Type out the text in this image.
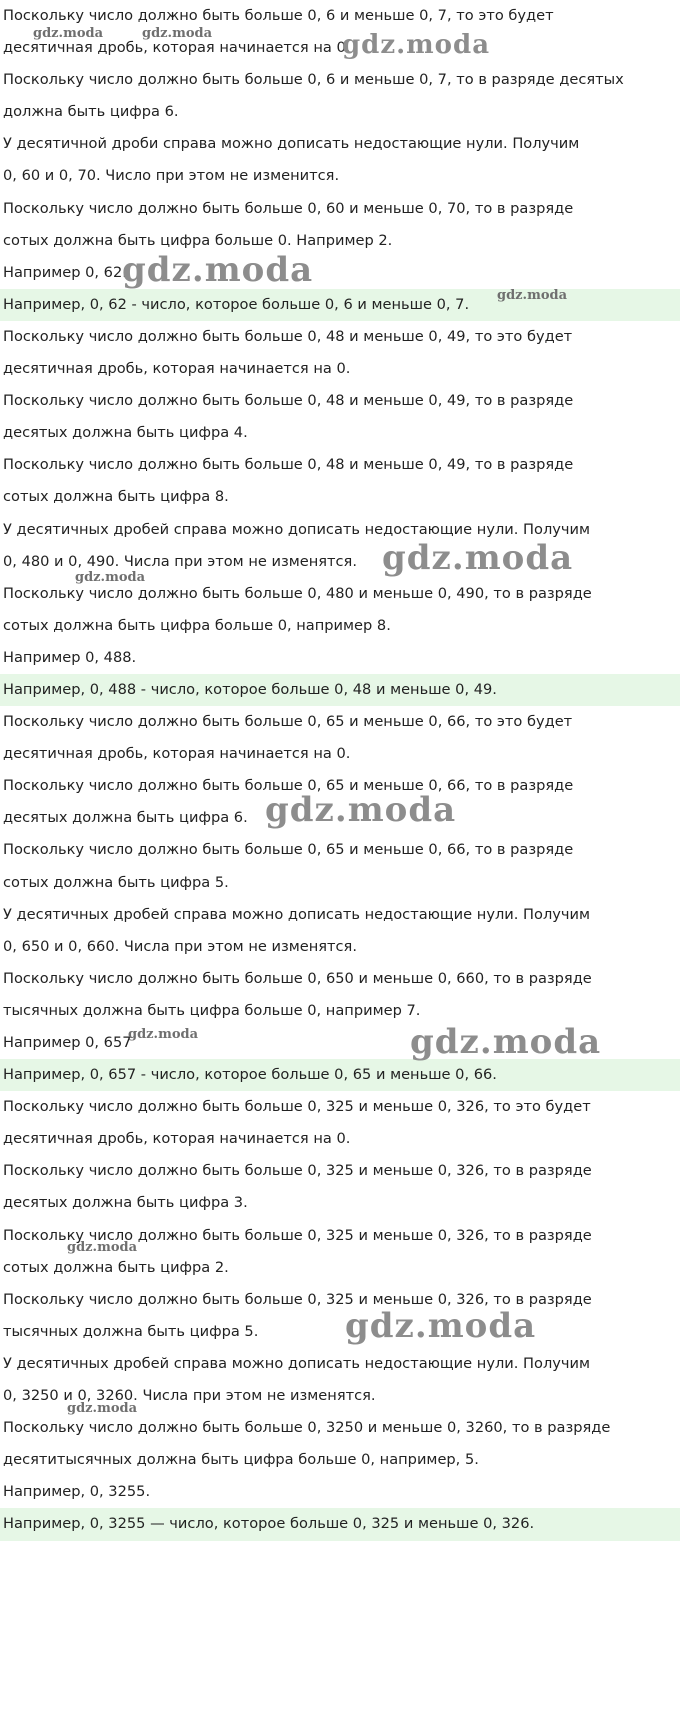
Поскольку число должно быть больше 0, 6 и меньше 0, 7, то это будет
десятичная дробь, которая начинается на 0.
Поскольку число должно быть больше 0, 6 и меньше 0, 7, то в разряде десятых
должна быть цифра 6.
У десятичной дроби справа можно дописать недостающие нули. Получим
0, 60 и 0, 70. Число при этом не изменится.
Поскольку число должно быть больше 0, 60 и меньше 0, 70, то в разряде
сотых должна быть цифра больше 0. Например 2.
Например 0, 62.
Например, 0, 62 - число, которое больше 0, 6 и меньше 0, 7.
Поскольку число должно быть больше 0, 48 и меньше 0, 49, то это будет
десятичная дробь, которая начинается на 0.
Поскольку число должно быть больше 0, 48 и меньше 0, 49, то в разряде
десятых должна быть цифра 4.
Поскольку число должно быть больше 0, 48 и меньше 0, 49, то в разряде
сотых должна быть цифра 8.
У десятичных дробей справа можно дописать недостающие нули. Получим
0, 480 и 0, 490. Числа при этом не изменятся.
Поскольку число должно быть больше 0, 480 и меньше 0, 490, то в разряде
сотых должна быть цифра больше 0, например 8.
Например 0, 488.
Например, 0, 488 - число, которое больше 0, 48 и меньше 0, 49.
Поскольку число должно быть больше 0, 65 и меньше 0, 66, то это будет
десятичная дробь, которая начинается на 0.
Поскольку число должно быть больше 0, 65 и меньше 0, 66, то в разряде
десятых должна быть цифра 6.
Поскольку число должно быть больше 0, 65 и меньше 0, 66, то в разряде
сотых должна быть цифра 5.
У десятичных дробей справа можно дописать недостающие нули. Получим
0, 650 и 0, 660. Числа при этом не изменятся.
Поскольку число должно быть больше 0, 650 и меньше 0, 660, то в разряде
тысячных должна быть цифра больше 0, например 7.
Например 0, 657
Например, 0, 657 - число, которое больше 0, 65 и меньше 0, 66.
Поскольку число должно быть больше 0, 325 и меньше 0, 326, то это будет
десятичная дробь, которая начинается на 0.
Поскольку число должно быть больше 0, 325 и меньше 0, 326, то в разряде
десятых должна быть цифра 3.
Поскольку число должно быть больше 0, 325 и меньше 0, 326, то в разряде
сотых должна быть цифра 2.
Поскольку число должно быть больше 0, 325 и меньше 0, 326, то в разряде
тысячных должна быть цифра 5.
У десятичных дробей справа можно дописать недостающие нули. Получим
0, 3250 и 0, 3260. Числа при этом не изменятся.
Поскольку число должно быть больше 0, 3250 и меньше 0, 3260, то в разряде
десятитысячных должна быть цифра больше 0, например, 5.
Например, 0, 3255.
Например, 0, 3255 — число, которое больше 0, 325 и меньше 0, 326.
gdz.moda	gdz.moda	gdz.moda
gdz.moda
gdz.moda
gdz.moda
gdz.moda
gdz.moda
gdz.moda	gdz.moda
gdz.moda
gdz.moda
gdz.moda
